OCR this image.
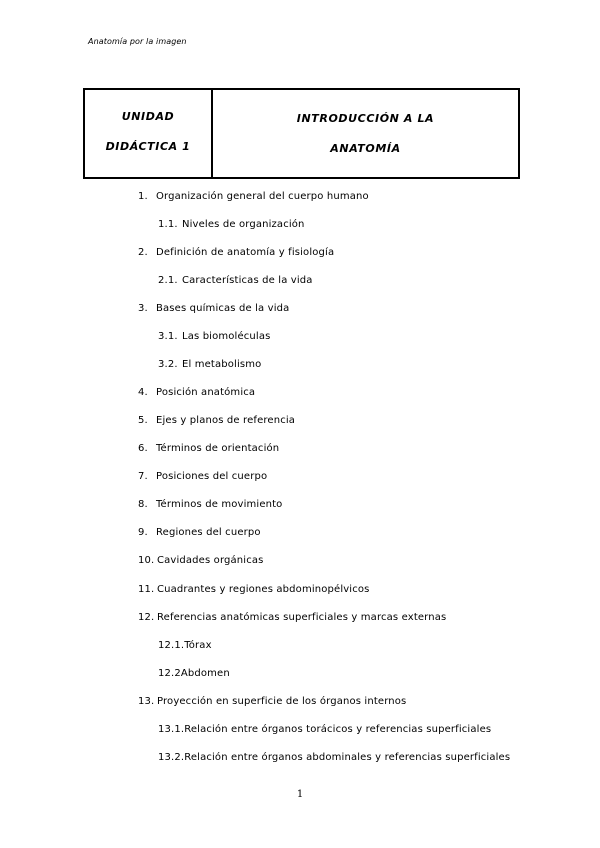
Anatomía por la imagen
UNIDAD
DIDÁCTICA 1
INTRODUCCIÓN A LA
ANATOMÍA
1. Organización general del cuerpo humano
1.1. Niveles de organización
2. Definición de anatomía y fisiología
2.1. Características de la vida
3. Bases químicas de la vida
3.1. Las biomoléculas
3.2. El metabolismo
4. Posición anatómica
5. Ejes y planos de referencia
6. Términos de orientación
7. Posiciones del cuerpo
8. Términos de movimiento
9. Regiones del cuerpo
10. Cavidades orgánicas
11. Cuadrantes y regiones abdominopélvicos
12. Referencias anatómicas superficiales y marcas externas
12.1.Tórax
12.2Abdomen
13. Proyección en superficie de los órganos internos
13.1.Relación entre órganos torácicos y referencias superficiales
13.2.Relación entre órganos abdominales y referencias superficiales
1
